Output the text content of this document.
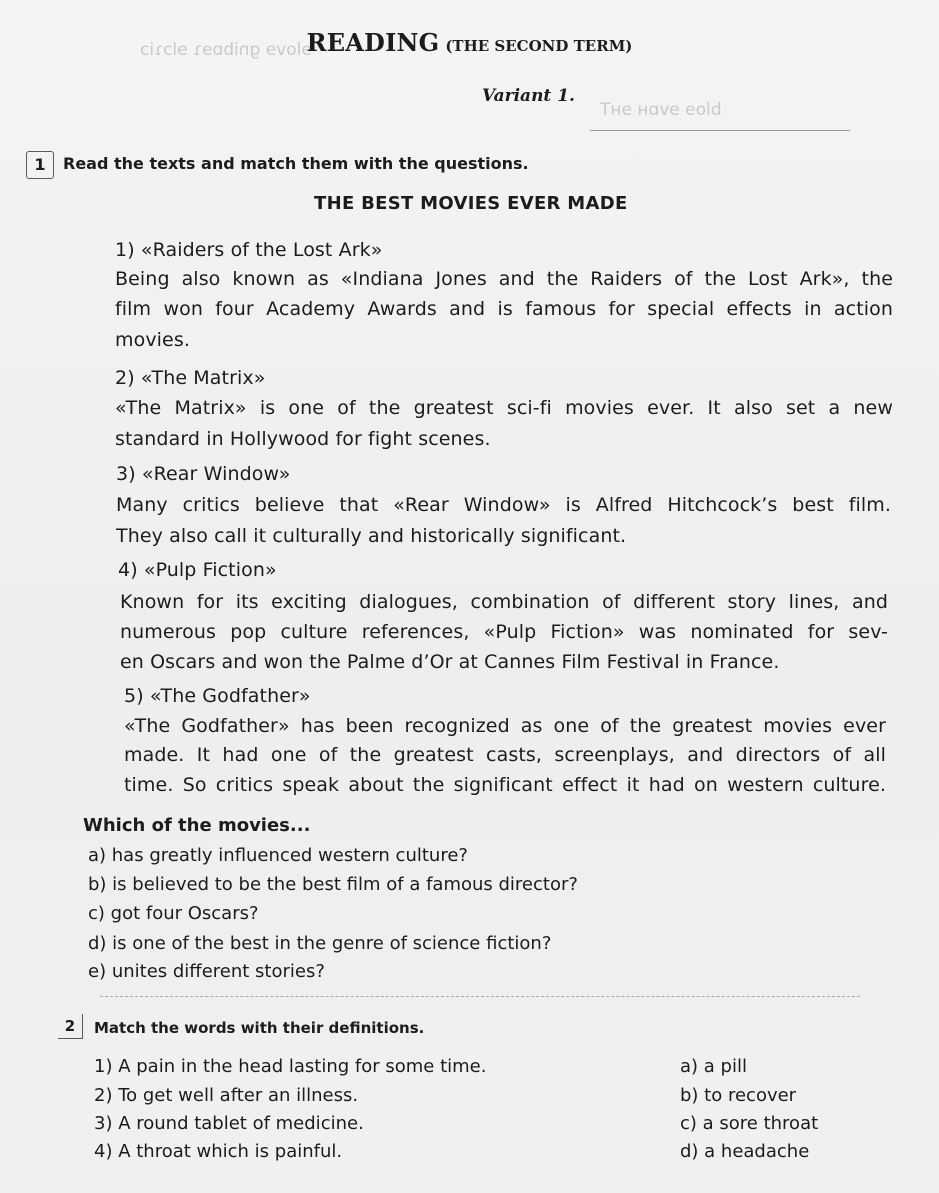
ɘlovɘ gnibɒɘɿ ɘlɔɿiɔ
bloɘ ɘvɒʜ ɘʜT
READING (THE SECOND TERM)
Variant 1.
1	Read the texts and match them with the questions.
THE BEST MOVIES EVER MADE
1) «Raiders of the Lost Ark»
Being also known as «Indiana Jones and the Raiders of the Lost Ark», the
film won four Academy Awards and is famous for special effects in action
movies.
2) «The Matrix»
«The Matrix» is one of the greatest sci-fi movies ever. It also set a new
standard in Hollywood for fight scenes.
3) «Rear Window»
Many critics believe that «Rear Window» is Alfred Hitchcock’s best film.
They also call it culturally and historically significant.
4) «Pulp Fiction»
Known for its exciting dialogues, combination of different story lines, and
numerous pop culture references, «Pulp Fiction» was nominated for sev-
en Oscars and won the Palme d’Or at Cannes Film Festival in France.
5) «The Godfather»
«The Godfather» has been recognized as one of the greatest movies ever
made. It had one of the greatest casts, screenplays, and directors of all
time. So critics speak about the significant effect it had on western culture.
Which of the movies...
a) has greatly influenced western culture?
b) is believed to be the best film of a famous director?
c) got four Oscars?
d) is one of the best in the genre of science fiction?
e) unites different stories?
2	Match the words with their definitions.
1) A pain in the head lasting for some time.
2) To get well after an illness.
3) A round tablet of medicine.
4) A throat which is painful.
a) a pill
b) to recover
c) a sore throat
d) a headache
